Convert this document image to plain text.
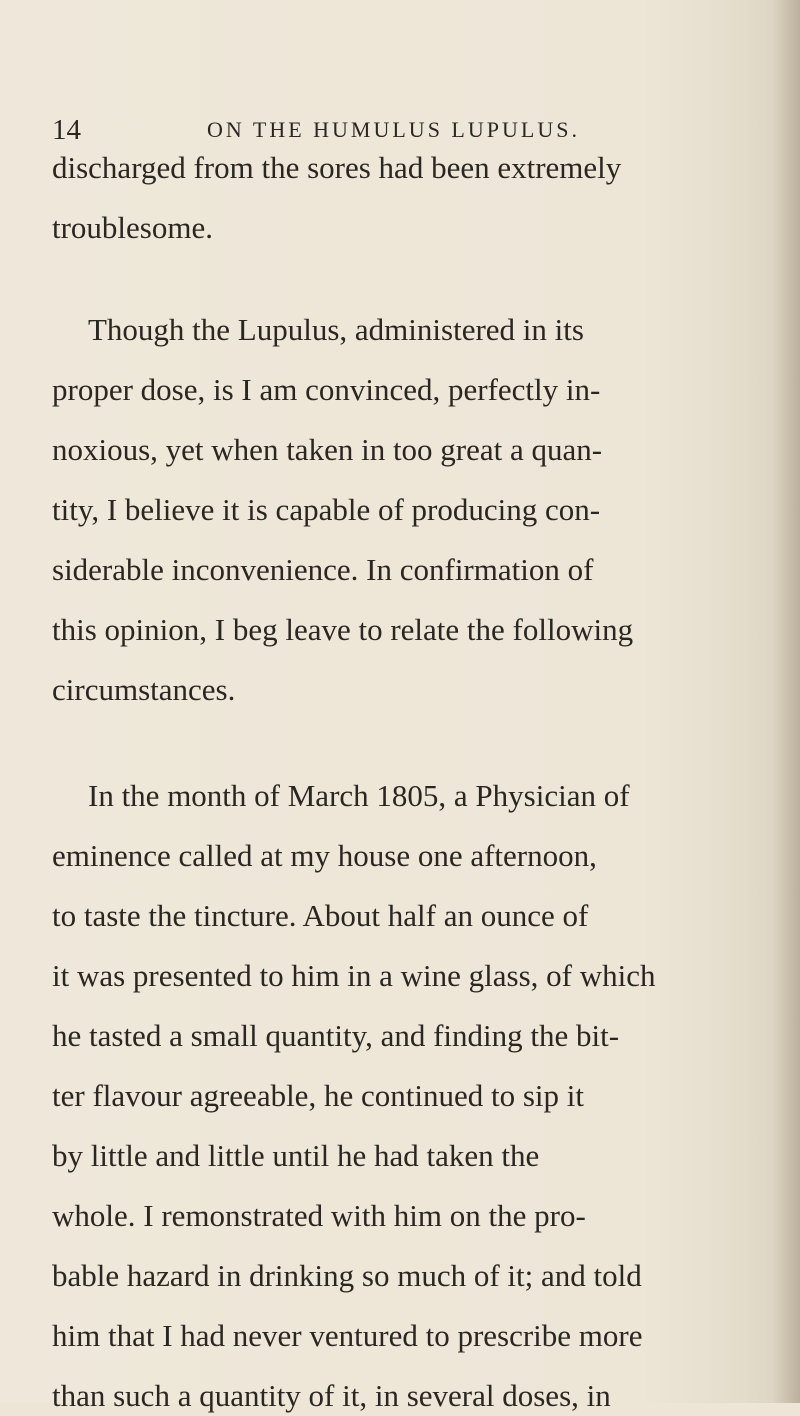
14	ON THE HUMULUS LUPULUS.
discharged from the sores had been extremely
troublesome.
Though the Lupulus, administered in its
proper dose, is I am convinced, perfectly in-
noxious, yet when taken in too great a quan-
tity, I believe it is capable of producing con-
siderable inconvenience. In confirmation of
this opinion, I beg leave to relate the following
circumstances.
In the month of March 1805, a Physician of
eminence called at my house one afternoon,
to taste the tincture. About half an ounce of
it was presented to him in a wine glass, of which
he tasted a small quantity, and finding the bit-
ter flavour agreeable, he continued to sip it
by little and little until he had taken the
whole. I remonstrated with him on the pro-
bable hazard in drinking so much of it; and told
him that I had never ventured to prescribe more
than such a quantity of it, in several doses, in
